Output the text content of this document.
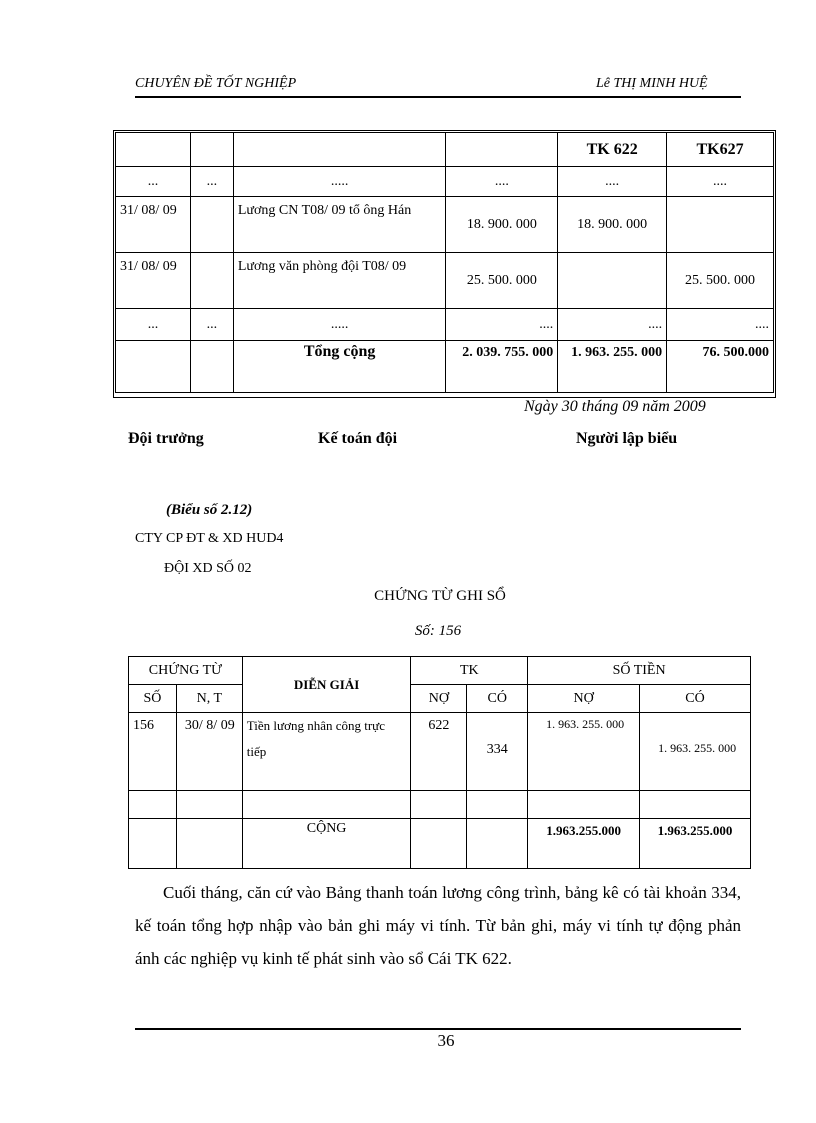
CHUYÊN ĐỀ TỐT NGHIỆP	Lê THỊ MINH HUỆ
				TK 622	TK627
...	...	.....	....	....	....
31/ 08/ 09		Lương CN T08/ 09 tổ ông Hán	18. 900. 000	18. 900. 000	
31/ 08/ 09		Lương văn phòng đội T08/ 09	25. 500. 000		25. 500. 000
...	...	.....	....	....	....
		Tổng cộng	2. 039. 755. 000	1. 963. 255. 000	76. 500.000
Ngày 30 tháng 09 năm 2009
Đội trưởng	Kế toán đội	Người lập biểu
(Biểu số 2.12)
CTY CP ĐT & XD HUD4
ĐỘI XD SỐ 02
CHỨNG TỪ GHI SỔ
Số: 156
CHỨNG TỪ		DIỄN GIẢI	TK		SỐ TIỀN	
SỐ	N, T		NỢ	CÓ	NỢ	CÓ
156	30/ 8/ 09	Tiền lương nhân công trực tiếp	622	334	1. 963. 255. 000	1. 963. 255. 000

		CỘNG			1.963.255.000	1.963.255.000

Cuối tháng, căn cứ vào Bảng thanh toán lương công trình, bảng kê có tài khoản 334, kế toán tổng hợp nhập vào bản ghi máy vi tính. Từ bản ghi, máy vi tính tự động phản ánh các nghiệp vụ kinh tế phát sinh vào sổ Cái TK 622.

36
